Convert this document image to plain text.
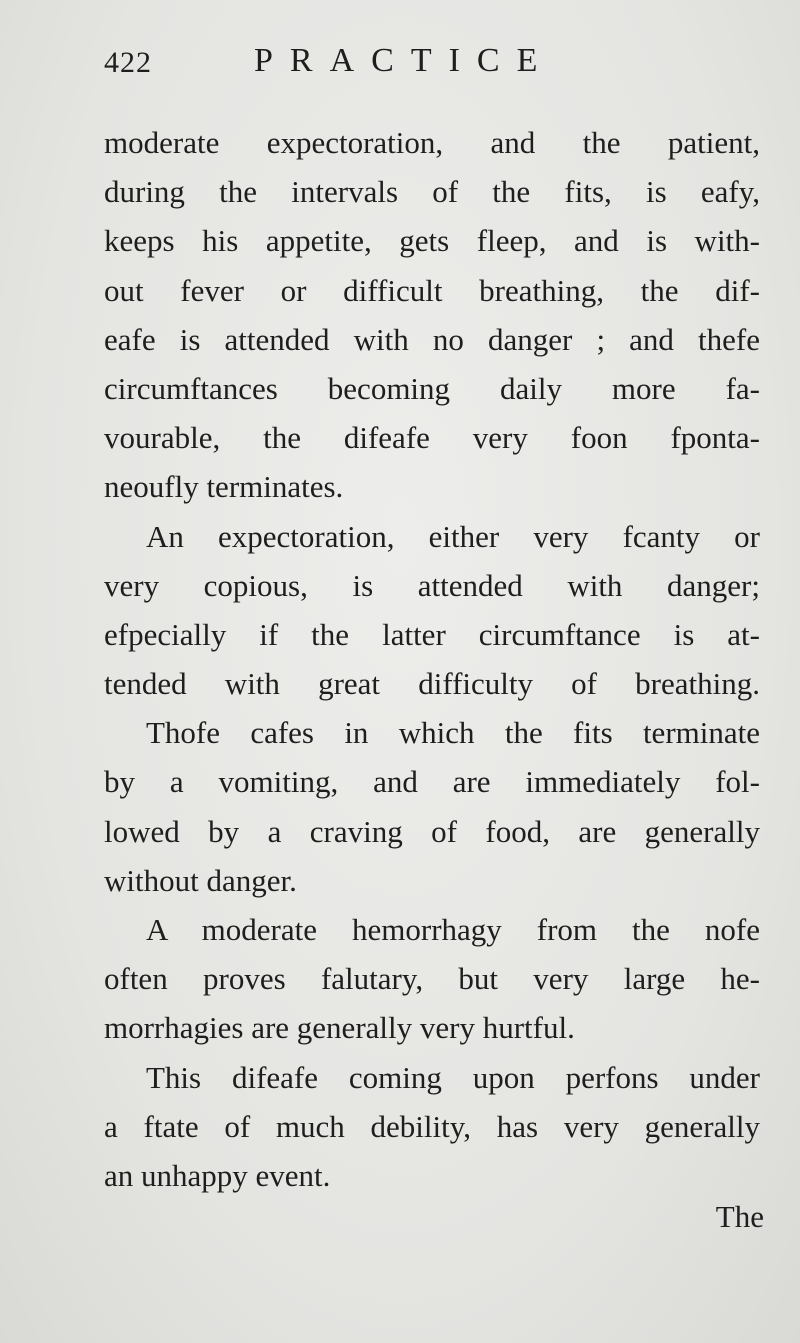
422	PRACTICE
moderate expectoration, and the patient,
during the intervals of the fits, is eafy,
keeps his appetite, gets fleep, and is with-
out fever or difficult breathing, the dif-
eafe is attended with no danger ; and thefe
circumftances becoming daily more fa-
vourable, the difeafe very foon fponta-
neoufly terminates.
An expectoration, either very fcanty or
very copious, is attended with danger;
efpecially if the latter circumftance is at-
tended with great difficulty of breathing.
Thofe cafes in which the fits terminate
by a vomiting, and are immediately fol-
lowed by a craving of food, are generally
without danger.
A moderate hemorrhagy from the nofe
often proves falutary, but very large he-
morrhagies are generally very hurtful.
This difeafe coming upon perfons under
a ftate of much debility, has very generally
an unhappy event.
The
